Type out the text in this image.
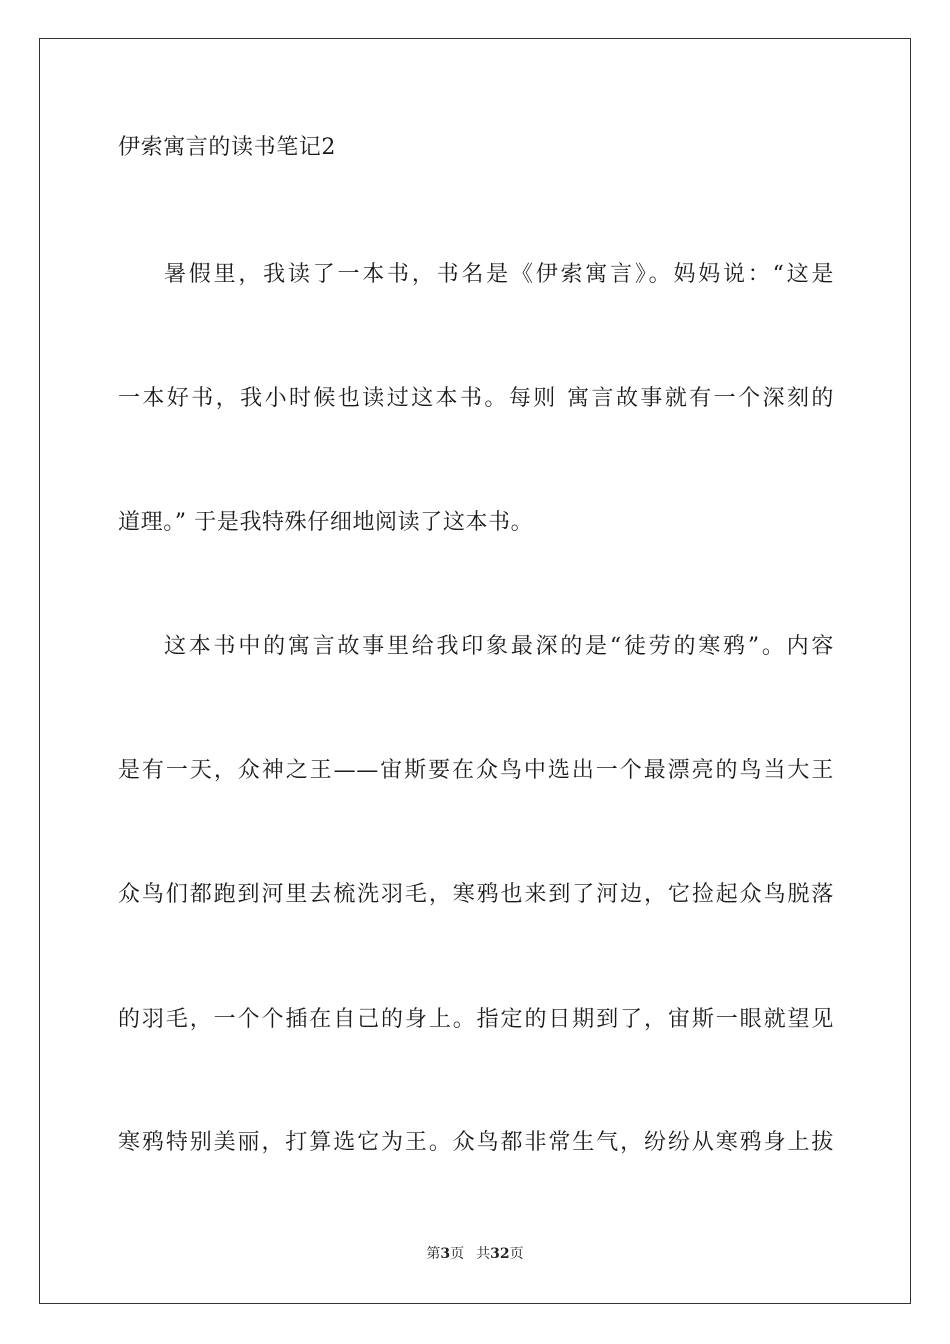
伊索寓言的读书笔记2
暑假里，我读了一本书，书名是《伊索寓言》。妈妈说：“这是
一本好书，我小时候也读过这本书。每则 寓言故事就有一个深刻的
道理。” 于是我特殊仔细地阅读了这本书。
这本书中的寓言故事里给我印象最深的是“徒劳的寒鸦”。内容
是有一天，众神之王——宙斯要在众鸟中选出一个最漂亮的鸟当大王
众鸟们都跑到河里去梳洗羽毛，寒鸦也来到了河边，它捡起众鸟脱落
的羽毛，一个个插在自己的身上。指定的日期到了，宙斯一眼就望见
寒鸦特别美丽，打算选它为王。众鸟都非常生气，纷纷从寒鸦身上拔
第3页 共32页
